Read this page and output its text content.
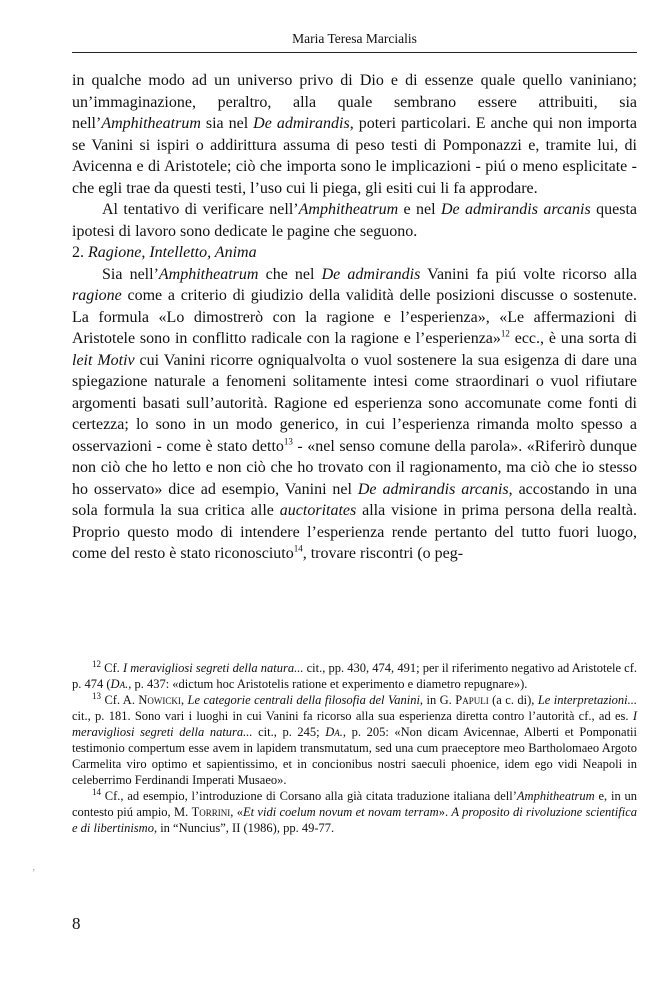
Maria Teresa Marcialis

in qualche modo ad un universo privo di Dio e di essenze quale quello vaniniano; un’immaginazione, peraltro, alla quale sembrano essere attribuiti, sia nell’Amphitheatrum sia nel De admirandis, poteri particolari. E anche qui non importa se Vanini si ispiri o addirittura assuma di peso testi di Pomponazzi e, tramite lui, di Avicenna e di Aristotele; ciò che importa sono le implicazioni - piú o meno esplicitate - che egli trae da questi testi, l’uso cui li piega, gli esiti cui li fa approdare.

Al tentativo di verificare nell’Amphitheatrum e nel De admirandis arcanis questa ipotesi di lavoro sono dedicate le pagine che seguono.

2. Ragione, Intelletto, Anima

Sia nell’Amphitheatrum che nel De admirandis Vanini fa piú volte ricorso alla ragione come a criterio di giudizio della validità delle posizioni discusse o sostenute. La formula «Lo dimostrerò con la ragione e l’esperienza», «Le affermazioni di Aristotele sono in conflitto radicale con la ragione e l’esperienza»$^{12}$ ecc., è una sorta di leit Motiv cui Vanini ricorre ogniqualvolta o vuol sostenere la sua esigenza di dare una spiegazione naturale a fenomeni solitamente intesi come straordinari o vuol rifiutare argomenti basati sull’autorità. Ragione ed esperienza sono accomunate come fonti di certezza; lo sono in un modo generico, in cui l’esperienza rimanda molto spesso a osservazioni - come è stato detto$^{13}$ - «nel senso comune della parola». «Riferirò dunque non ciò che ho letto e non ciò che ho trovato con il ragionamento, ma ciò che io stesso ho osservato» dice ad esempio, Vanini nel De admirandis arcanis, accostando in una sola formula la sua critica alle auctoritates alla visione in prima persona della realtà. Proprio questo modo di intendere l’esperienza rende pertanto del tutto fuori luogo, come del resto è stato riconosciuto$^{14}$, trovare riscontri (o peg-

$^{12}$ Cf. I meravigliosi segreti della natura... cit., pp. 430, 474, 491; per il riferimento negativo ad Aristotele cf. p. 474 (Da., p. 437: «dictum hoc Aristotelis ratione et experimento e diametro repugnare»).

$^{13}$ Cf. A. Nowicki, Le categorie centrali della filosofia del Vanini, in G. Papuli (a c. di), Le interpretazioni... cit., p. 181. Sono vari i luoghi in cui Vanini fa ricorso alla sua esperienza diretta contro l’autorità cf., ad es. I meravigliosi segreti della natura... cit., p. 245; Da., p. 205: «Non dicam Avicennae, Alberti et Pomponatii testimonio compertum esse avem in lapidem transmutatum, sed una cum praeceptore meo Bartholomaeo Argoto Carmelita viro optimo et sapientissimo, et in concionibus nostri saeculi phoenice, idem ego vidi Neapoli in celeberrimo Ferdinandi Imperati Musaeo».

$^{14}$ Cf., ad esempio, l’introduzione di Corsano alla già citata traduzione italiana dell’Amphitheatrum e, in un contesto piú ampio, M. Torrini, «Et vidi coelum novum et novam terram». A proposito di rivoluzione scientifica e di libertinismo, in “Nuncius”, II (1986), pp. 49-77.

’
8
